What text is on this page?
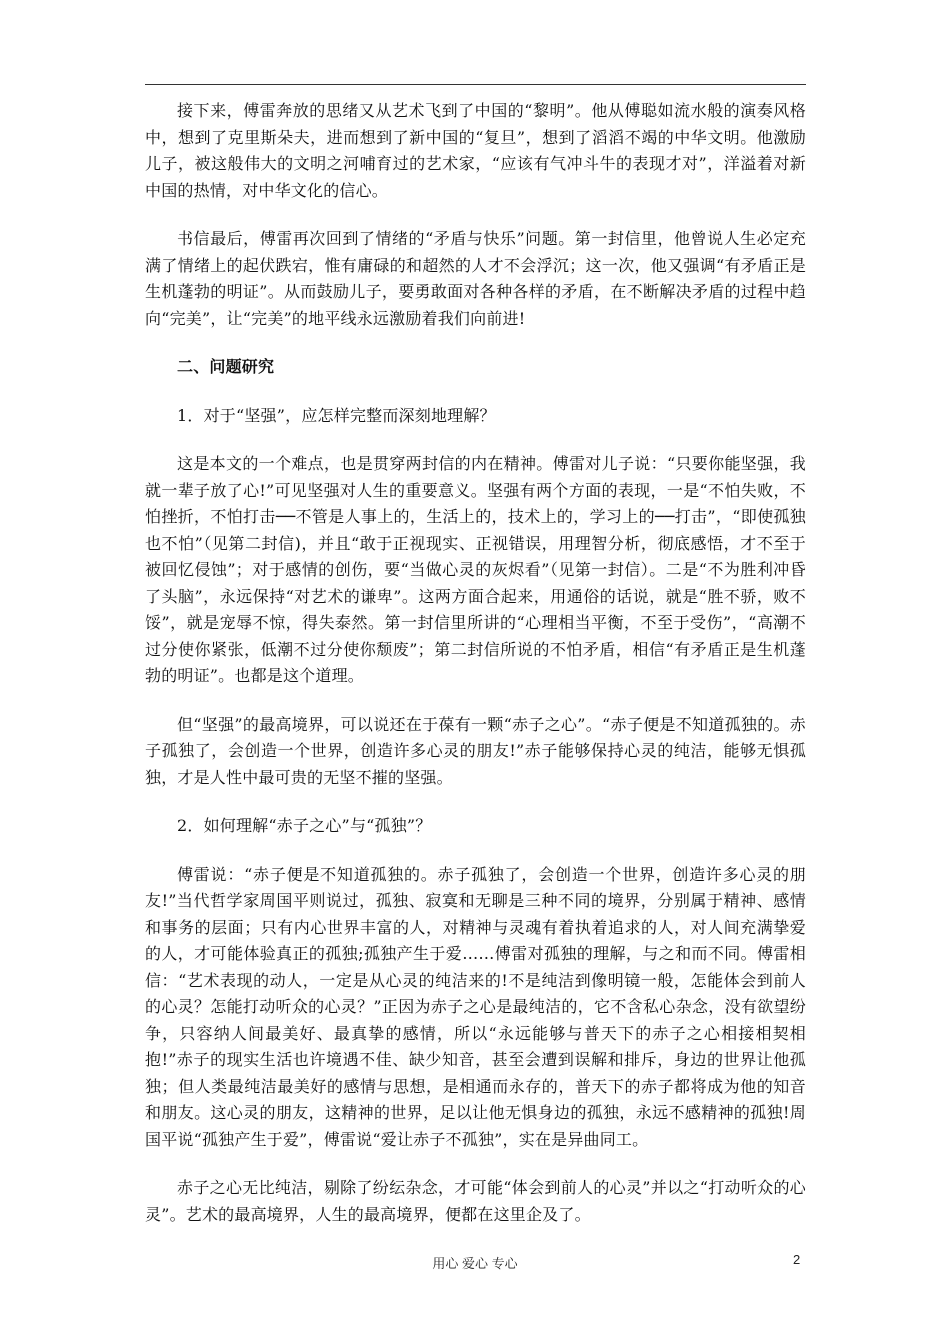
接下来，傅雷奔放的思绪又从艺术飞到了中国的“黎明”。他从傅聪如流水般的演奏风格中，想到了克里斯朵夫，进而想到了新中国的“复旦”，想到了滔滔不竭的中华文明。他激励儿子，被这般伟大的文明之河哺育过的艺术家，“应该有气冲斗牛的表现才对”，洋溢着对新中国的热情，对中华文化的信心。

书信最后，傅雷再次回到了情绪的“矛盾与快乐”问题。第一封信里，他曾说人生必定充满了情绪上的起伏跌宕，惟有庸碌的和超然的人才不会浮沉；这一次，他又强调“有矛盾正是生机蓬勃的明证”。从而鼓励儿子，要勇敢面对各种各样的矛盾，在不断解决矛盾的过程中趋向“完美”，让“完美”的地平线永远激励着我们向前进!

二、问题研究

1．对于“坚强”，应怎样完整而深刻地理解？

这是本文的一个难点，也是贯穿两封信的内在精神。傅雷对儿子说：“只要你能坚强，我就一辈子放了心!”可见坚强对人生的重要意义。坚强有两个方面的表现，一是“不怕失败，不怕挫折，不怕打击──不管是人事上的，生活上的，技术上的，学习上的──打击”，“即使孤独也不怕”（见第二封信)，并且“敢于正视现实、正视错误，用理智分析，彻底感悟，才不至于被回忆侵蚀”；对于感情的创伤，要“当做心灵的灰烬看”（见第一封信）。二是“不为胜利冲昏了头脑”，永远保持“对艺术的谦卑”。这两方面合起来，用通俗的话说，就是“胜不骄，败不馁”，就是宠辱不惊，得失泰然。第一封信里所讲的“心理相当平衡，不至于受伤”，“高潮不过分使你紧张，低潮不过分使你颓废”；第二封信所说的不怕矛盾，相信“有矛盾正是生机蓬勃的明证”。也都是这个道理。

但“坚强”的最高境界，可以说还在于葆有一颗“赤子之心”。“赤子便是不知道孤独的。赤子孤独了，会创造一个世界，创造许多心灵的朋友!”赤子能够保持心灵的纯洁，能够无惧孤独，才是人性中最可贵的无坚不摧的坚强。

2．如何理解“赤子之心”与“孤独”？

傅雷说：“赤子便是不知道孤独的。赤子孤独了，会创造一个世界，创造许多心灵的朋友!”当代哲学家周国平则说过，孤独、寂寞和无聊是三种不同的境界，分别属于精神、感情和事务的层面；只有内心世界丰富的人，对精神与灵魂有着执着追求的人，对人间充满挚爱的人，才可能体验真正的孤独;孤独产生于爱……傅雷对孤独的理解，与之和而不同。傅雷相信：“艺术表现的动人，一定是从心灵的纯洁来的!不是纯洁到像明镜一般，怎能体会到前人的心灵？怎能打动听众的心灵？”正因为赤子之心是最纯洁的，它不含私心杂念，没有欲望纷争，只容纳人间最美好、最真挚的感情，所以“永远能够与普天下的赤子之心相接相契相抱!”赤子的现实生活也许境遇不佳、缺少知音，甚至会遭到误解和排斥，身边的世界让他孤独；但人类最纯洁最美好的感情与思想，是相通而永存的，普天下的赤子都将成为他的知音和朋友。这心灵的朋友，这精神的世界，足以让他无惧身边的孤独，永远不感精神的孤独!周国平说“孤独产生于爱”，傅雷说“爱让赤子不孤独”，实在是异曲同工。

赤子之心无比纯洁，剔除了纷纭杂念，才可能“体会到前人的心灵”并以之“打动听众的心灵”。艺术的最高境界，人生的最高境界，便都在这里企及了。

用心 爱心 专心	2
